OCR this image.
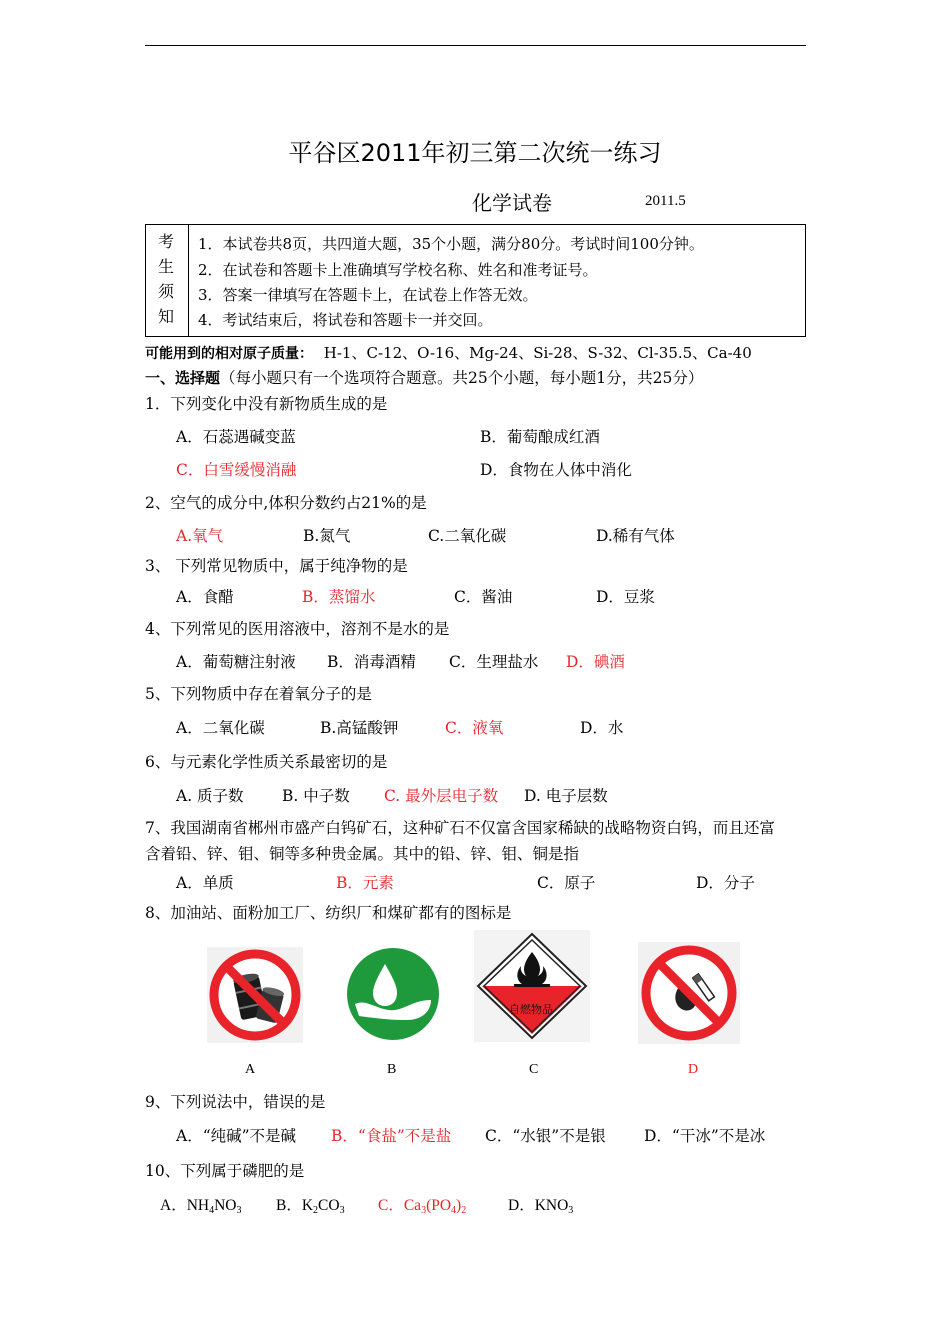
平谷区2011年初三第二次统一练习
化学试卷	2011.5
考
生
须
知
1．本试卷共8页，共四道大题，35个小题，满分80分。考试时间100分钟。
2．在试卷和答题卡上准确填写学校名称、姓名和准考证号。
3．答案一律填写在答题卡上，在试卷上作答无效。
4．考试结束后，将试卷和答题卡一并交回。
可能用到的相对原子质量： H-1、C-12、O-16、Mg-24、Si-28、S-32、Cl-35.5、Ca-40
一、选择题（每小题只有一个选项符合题意。共25个小题，每小题1分，共25分）
1．下列变化中没有新物质生成的是
A．石蕊遇碱变蓝	B．葡萄酿成红酒
C．白雪缓慢消融	D．食物在人体中消化
2、空气的成分中,体积分数约占21%的是
A.氧气	B.氮气	C.二氧化碳	D.稀有气体
3、 下列常见物质中，属于纯净物的是
A．食醋	B．蒸馏水	C．酱油	D．豆浆
4、下列常见的医用溶液中，溶剂不是水的是
A．葡萄糖注射液 B．消毒酒精 C．生理盐水 D．碘酒
5、下列物质中存在着氧分子的是
A．二氧化碳	B.高锰酸钾	C．液氧	D．水
6、与元素化学性质关系最密切的是
A. 质子数 B. 中子数 C. 最外层电子数 D. 电子层数
7、我国湖南省郴州市盛产白钨矿石，这种矿石不仅富含国家稀缺的战略物资白钨，而且还富
含着铅、锌、钼、铜等多种贵金属。其中的铅、锌、钼、铜是指
A．单质	B．元素	C．原子	D．分子
8、加油站、面粉加工厂、纺织厂和煤矿都有的图标是
自燃物品
A	B	C	D
9、下列说法中，错误的是
A．“纯碱”不是碱 B．“食盐”不是盐 C．“水银”不是银 D．“干冰”不是冰
10、下列属于磷肥的是
A．$NH_4NO_3$ B．$K_2CO_3$ C．$Ca_3(PO_4)_2$	D．$KNO_3$
